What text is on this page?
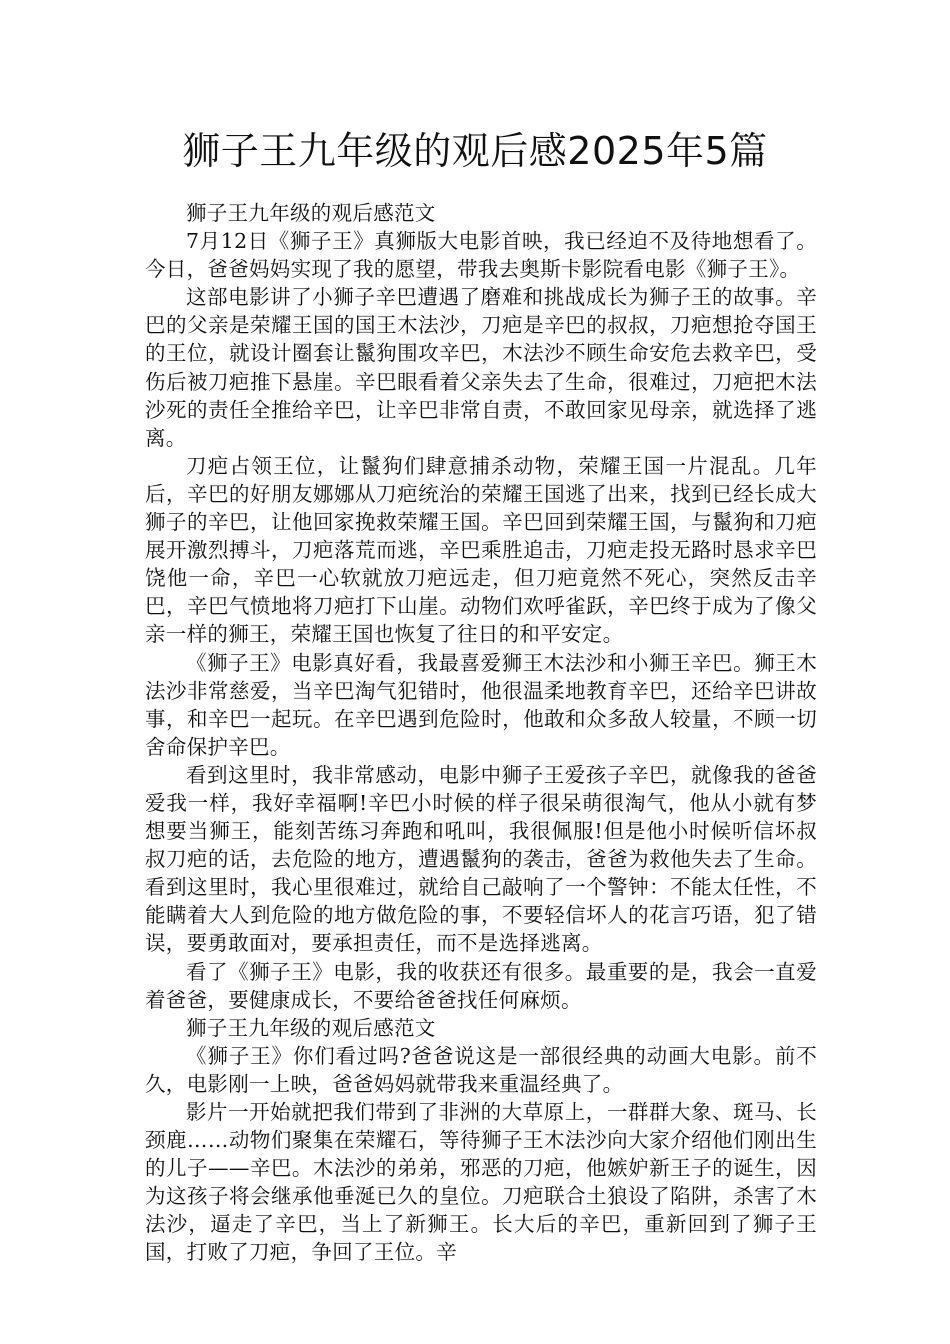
狮子王九年级的观后感2025年5篇

狮子王九年级的观后感范文

7月12日《狮子王》真狮版大电影首映，我已经迫不及待地想看了。今日，爸爸妈妈实现了我的愿望，带我去奥斯卡影院看电影《狮子王》。

这部电影讲了小狮子辛巴遭遇了磨难和挑战成长为狮子王的故事。辛巴的父亲是荣耀王国的国王木法沙，刀疤是辛巴的叔叔，刀疤想抢夺国王的王位，就设计圈套让鬣狗围攻辛巴，木法沙不顾生命安危去救辛巴，受伤后被刀疤推下悬崖。辛巴眼看着父亲失去了生命，很难过，刀疤把木法沙死的责任全推给辛巴，让辛巴非常自责，不敢回家见母亲，就选择了逃离。

刀疤占领王位，让鬣狗们肆意捕杀动物，荣耀王国一片混乱。几年后，辛巴的好朋友娜娜从刀疤统治的荣耀王国逃了出来，找到已经长成大狮子的辛巴，让他回家挽救荣耀王国。辛巴回到荣耀王国，与鬣狗和刀疤展开激烈搏斗，刀疤落荒而逃，辛巴乘胜追击，刀疤走投无路时恳求辛巴饶他一命，辛巴一心软就放刀疤远走，但刀疤竟然不死心，突然反击辛巴，辛巴气愤地将刀疤打下山崖。动物们欢呼雀跃，辛巴终于成为了像父亲一样的狮王，荣耀王国也恢复了往日的和平安定。

《狮子王》电影真好看，我最喜爱狮王木法沙和小狮王辛巴。狮王木法沙非常慈爱，当辛巴淘气犯错时，他很温柔地教育辛巴，还给辛巴讲故事，和辛巴一起玩。在辛巴遇到危险时，他敢和众多敌人较量，不顾一切舍命保护辛巴。

看到这里时，我非常感动，电影中狮子王爱孩子辛巴，就像我的爸爸爱我一样，我好幸福啊!辛巴小时候的样子很呆萌很淘气，他从小就有梦想要当狮王，能刻苦练习奔跑和吼叫，我很佩服!但是他小时候听信坏叔叔刀疤的话，去危险的地方，遭遇鬣狗的袭击，爸爸为救他失去了生命。看到这里时，我心里很难过，就给自己敲响了一个警钟：不能太任性，不能瞒着大人到危险的地方做危险的事，不要轻信坏人的花言巧语，犯了错误，要勇敢面对，要承担责任，而不是选择逃离。

看了《狮子王》电影，我的收获还有很多。最重要的是，我会一直爱着爸爸，要健康成长，不要给爸爸找任何麻烦。

狮子王九年级的观后感范文

《狮子王》你们看过吗?爸爸说这是一部很经典的动画大电影。前不久，电影刚一上映，爸爸妈妈就带我来重温经典了。

影片一开始就把我们带到了非洲的大草原上，一群群大象、斑马、长颈鹿……动物们聚集在荣耀石，等待狮子王木法沙向大家介绍他们刚出生的儿子——辛巴。木法沙的弟弟，邪恶的刀疤，他嫉妒新王子的诞生，因为这孩子将会继承他垂涎已久的皇位。刀疤联合土狼设了陷阱，杀害了木法沙，逼走了辛巴，当上了新狮王。长大后的辛巴，重新回到了狮子王国，打败了刀疤，争回了王位。辛
